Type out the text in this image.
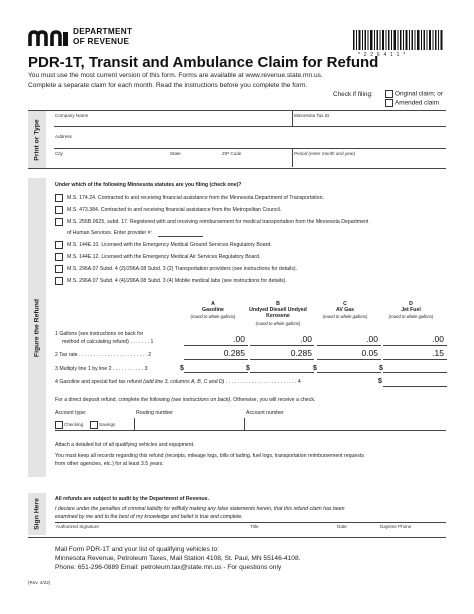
DEPARTMENT
OF REVENUE
* 2 2 6 4 1 1 *
PDR-1T, Transit and Ambulance Claim for Refund
You must use the most current version of this form. Forms are available at www.revenue.state.mn.us.
Complete a separate claim for each month. Read the instructions before you complete the form.
Check if filing:	Original claim; or
Amended claim
Print or Type
Company Name	Minnesota Tax ID
Address
City	State	ZIP Code	Period (enter month and year)
Figure the Refund
Under which of the following Minnesota statutes are you filing (check one)?
M.S. 174.24. Contracted to and receiving financial assistance from the Minnesota Department of Transportation.
M.S. 473.384. Contracted to and receiving financial assistance from the Metropolitan Council.
M.S. 256B.0625, subd. 17. Registered with and receiving reimbursement for medical transportation from the Minnesota Department
of Human Services. Enter provider #:
M.S. 144E.10. Licensed with the Emergency Medical Ground Services Regulatory Board.
M.S. 144E.12. Licensed with the Emergency Medical Air Services Regulatory Board.
M.S. 296A.07 Subd. 4 (2)/296A.08 Subd. 3 (2) Transportation providers (see instructions for details).
M.S. 296A.07 Subd. 4 (4)/296A.08 Subd. 3 (4) Mobile medical labs (see instructions for details).
A
Gasoline
(round to whole gallons)
B
Undyed Diesel/ Undyed Kerosene
(round to whole gallons)
C
AV Gas
(round to whole gallons)
D
Jet Fuel
(round to whole gallons)
1 Gallons (see instructions on back for
method of calculating refund) . . . . . . . 1	.00	.00	.00	.00
2 Tax rate . . . . . . . . . . . . . . . . . . . . . . . . 2	0.285	0.285	0.05	.15
3 Multiply line 1 by line 2 . . . . . . . . . . . 3	$	$	$	$
4 Gasoline and special fuel tax refund (add line 3, columns A, B, C and D) . . . . . . . . . . . . . . . . . . . . . . . . . 4	$
For a direct deposit refund, complete the following (see instructions on back). Otherwise, you will receive a check.
Account type:	Routing number	Account number
Checking	Savings
Attach a detailed list of all qualifying vehicles and equipment.
You must keep all records regarding this refund (receipts, mileage logs, bills of lading, fuel logs, transportation reimbursement requests
from other agencies, etc.) for at least 3.5 years.
Sign Here	All refunds are subject to audit by the Department of Revenue.
I declare under the penalties of criminal liability for willfully making any false statements herein, that this refund claim has been
examined by me and to the best of my knowledge and belief is true and complete.
Authorized Signature	Title	Date	Daytime Phone
Mail Form PDR-1T and your list of qualifying vehicles to:
Minnesota Revenue, Petroleum Taxes, Mail Station 4108, St. Paul, MN 55146-4108.
Phone: 651-296-0889 Email: petroleum.tax@state.mn.us - For questions only
(Rev. 4/22)
